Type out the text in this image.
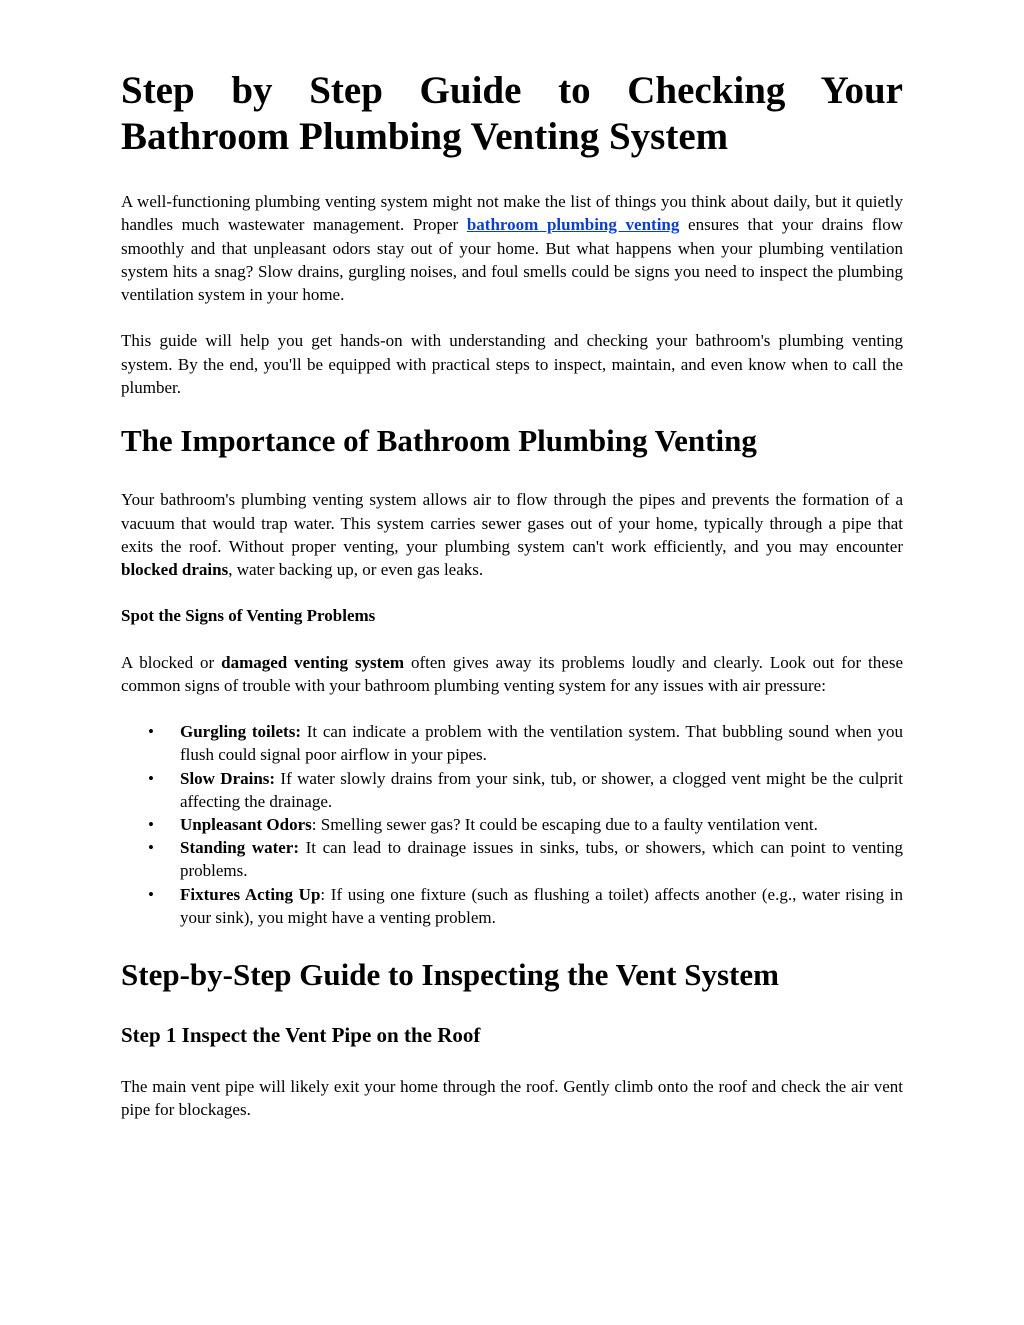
Step by Step Guide to Checking Your
Bathroom Plumbing Venting System

A well-functioning plumbing venting system might not make the list of things you think about daily, but it quietly handles much wastewater management. Proper bathroom plumbing venting ensures that your drains flow smoothly and that unpleasant odors stay out of your home. But what happens when your plumbing ventilation system hits a snag? Slow drains, gurgling noises, and foul smells could be signs you need to inspect the plumbing ventilation system in your home.

This guide will help you get hands-on with understanding and checking your bathroom's plumbing venting system. By the end, you'll be equipped with practical steps to inspect, maintain, and even know when to call the plumber.

The Importance of Bathroom Plumbing Venting

Your bathroom's plumbing venting system allows air to flow through the pipes and prevents the formation of a vacuum that would trap water. This system carries sewer gases out of your home, typically through a pipe that exits the roof. Without proper venting, your plumbing system can't work efficiently, and you may encounter blocked drains, water backing up, or even gas leaks.

Spot the Signs of Venting Problems

A blocked or damaged venting system often gives away its problems loudly and clearly. Look out for these common signs of trouble with your bathroom plumbing venting system for any issues with air pressure:

• Gurgling toilets: It can indicate a problem with the ventilation system. That bubbling sound when you flush could signal poor airflow in your pipes.
• Slow Drains: If water slowly drains from your sink, tub, or shower, a clogged vent might be the culprit affecting the drainage.
• Unpleasant Odors: Smelling sewer gas? It could be escaping due to a faulty ventilation vent.
• Standing water: It can lead to drainage issues in sinks, tubs, or showers, which can point to venting problems.
• Fixtures Acting Up: If using one fixture (such as flushing a toilet) affects another (e.g., water rising in your sink), you might have a venting problem.
Step-by-Step Guide to Inspecting the Vent System
Step 1 Inspect the Vent Pipe on the Roof

The main vent pipe will likely exit your home through the roof. Gently climb onto the roof and check the air vent pipe for blockages.
